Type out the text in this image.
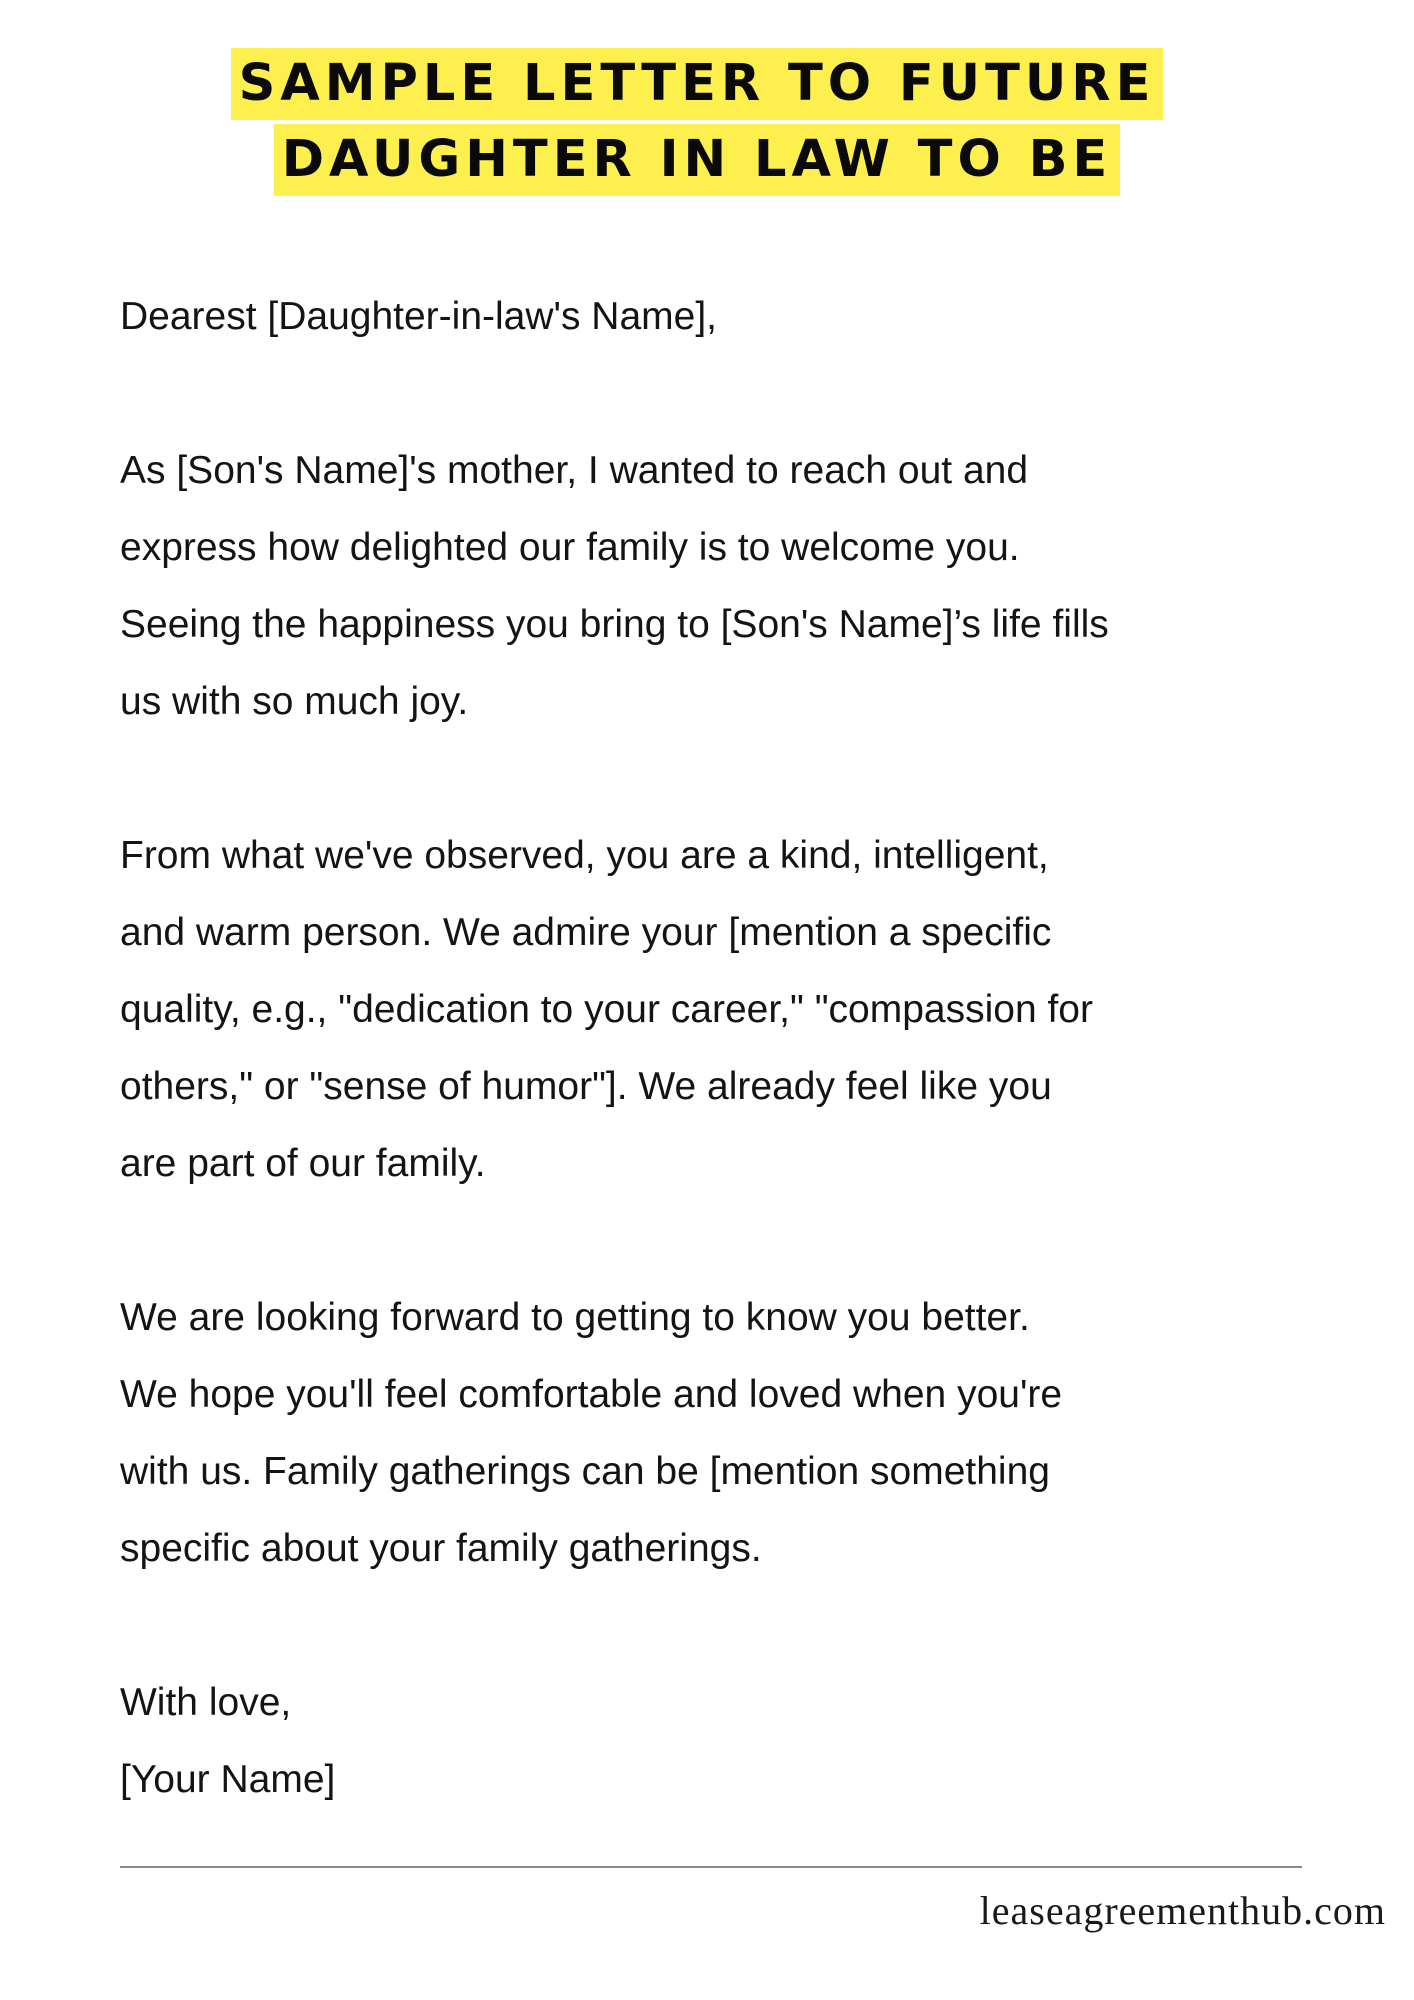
SAMPLE LETTER TO FUTURE
DAUGHTER IN LAW TO BE
Dearest [Daughter-in-law's Name],
As [Son's Name]'s mother, I wanted to reach out and
express how delighted our family is to welcome you.
Seeing the happiness you bring to [Son's Name]’s life fills
us with so much joy.
From what we've observed, you are a kind, intelligent,
and warm person. We admire your [mention a specific
quality, e.g., "dedication to your career," "compassion for
others," or "sense of humor"]. We already feel like you
are part of our family.
We are looking forward to getting to know you better.
We hope you'll feel comfortable and loved when you're
with us. Family gatherings can be [mention something
specific about your family gatherings.
With love,
[Your Name]
leaseagreementhub.com
